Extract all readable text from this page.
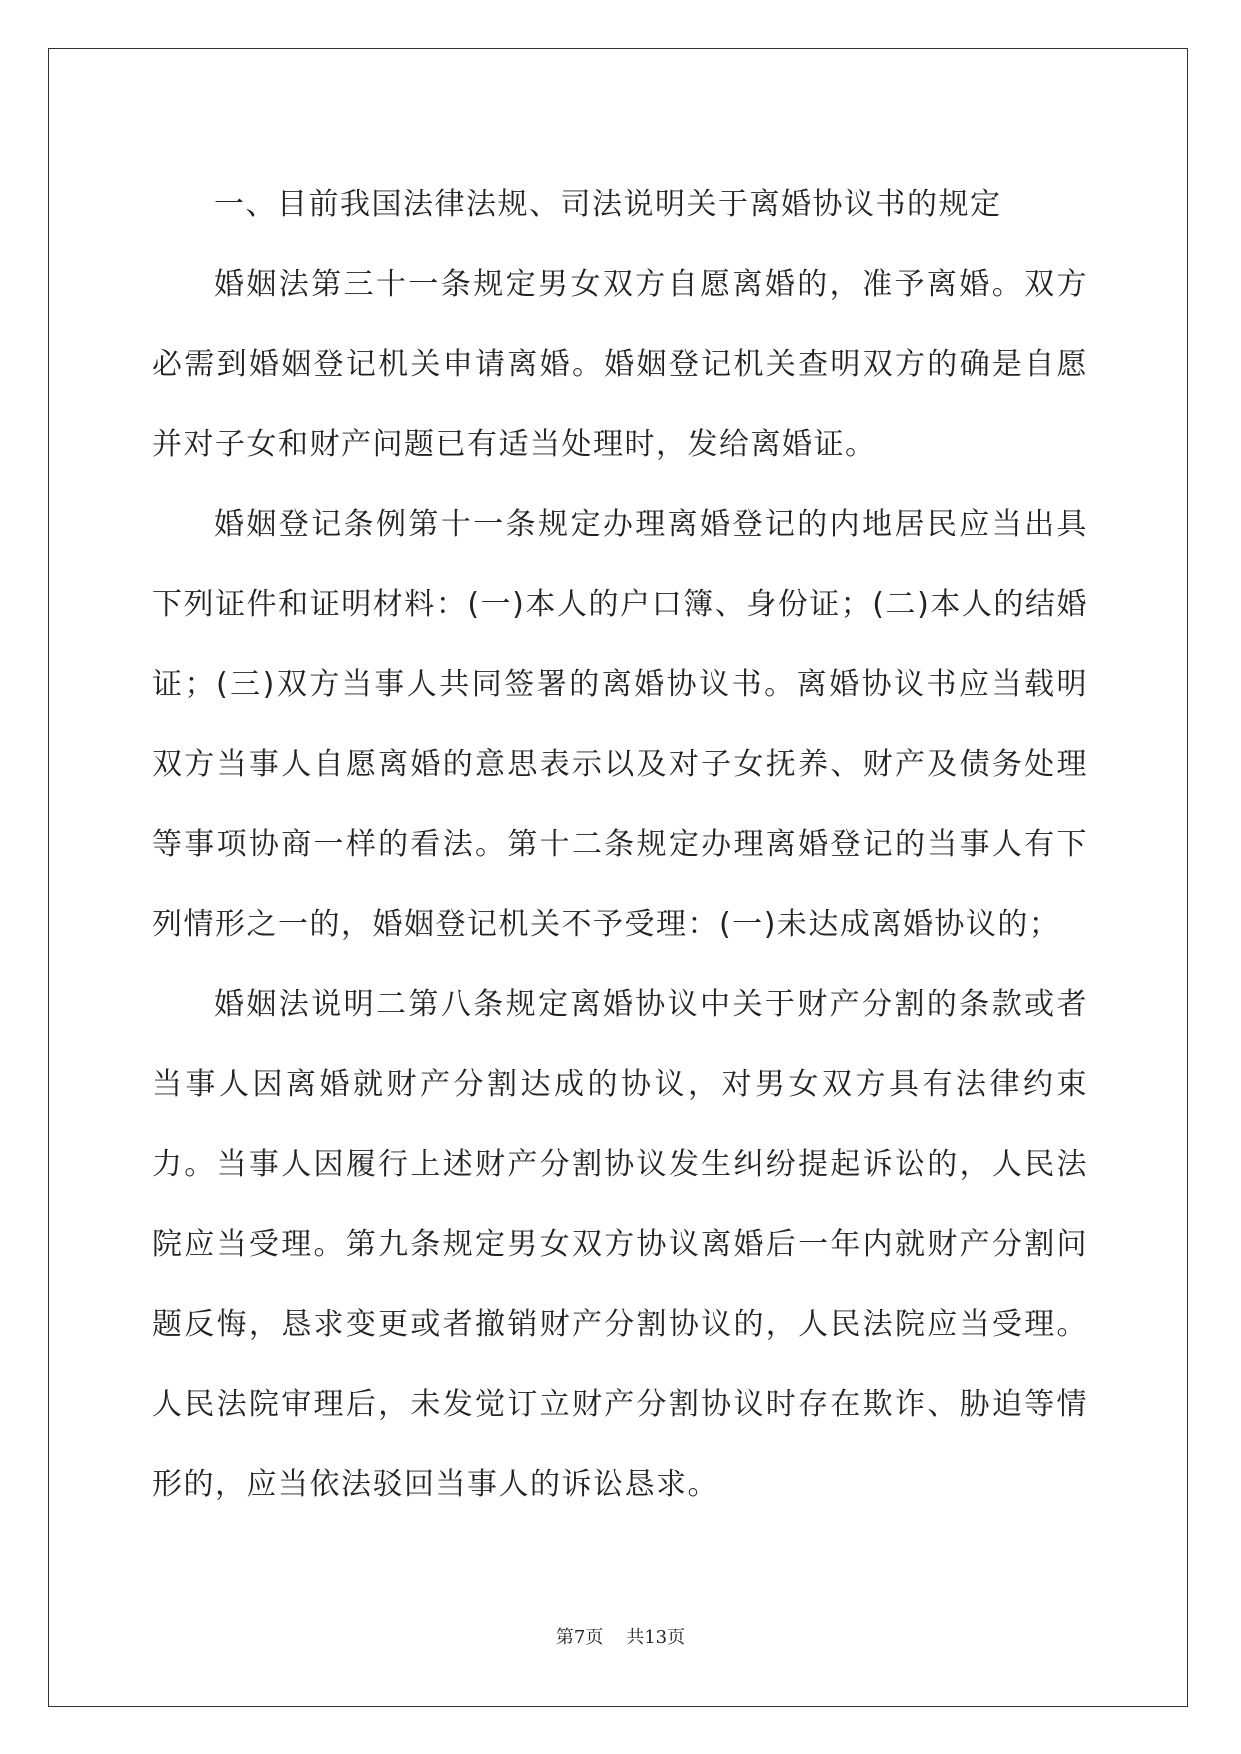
一、目前我国法律法规、司法说明关于离婚协议书的规定

婚姻法第三十一条规定男女双方自愿离婚的，准予离婚。双方必需到婚姻登记机关申请离婚。婚姻登记机关查明双方的确是自愿并对子女和财产问题已有适当处理时，发给离婚证。

婚姻登记条例第十一条规定办理离婚登记的内地居民应当出具下列证件和证明材料：(一)本人的户口簿、身份证；(二)本人的结婚证；(三)双方当事人共同签署的离婚协议书。离婚协议书应当载明双方当事人自愿离婚的意思表示以及对子女抚养、财产及债务处理等事项协商一样的看法。第十二条规定办理离婚登记的当事人有下列情形之一的，婚姻登记机关不予受理：(一)未达成离婚协议的；

婚姻法说明二第八条规定离婚协议中关于财产分割的条款或者当事人因离婚就财产分割达成的协议，对男女双方具有法律约束力。当事人因履行上述财产分割协议发生纠纷提起诉讼的，人民法院应当受理。第九条规定男女双方协议离婚后一年内就财产分割问题反悔，恳求变更或者撤销财产分割协议的，人民法院应当受理。人民法院审理后，未发觉订立财产分割协议时存在欺诈、胁迫等情形的，应当依法驳回当事人的诉讼恳求。

第7页 共13页
